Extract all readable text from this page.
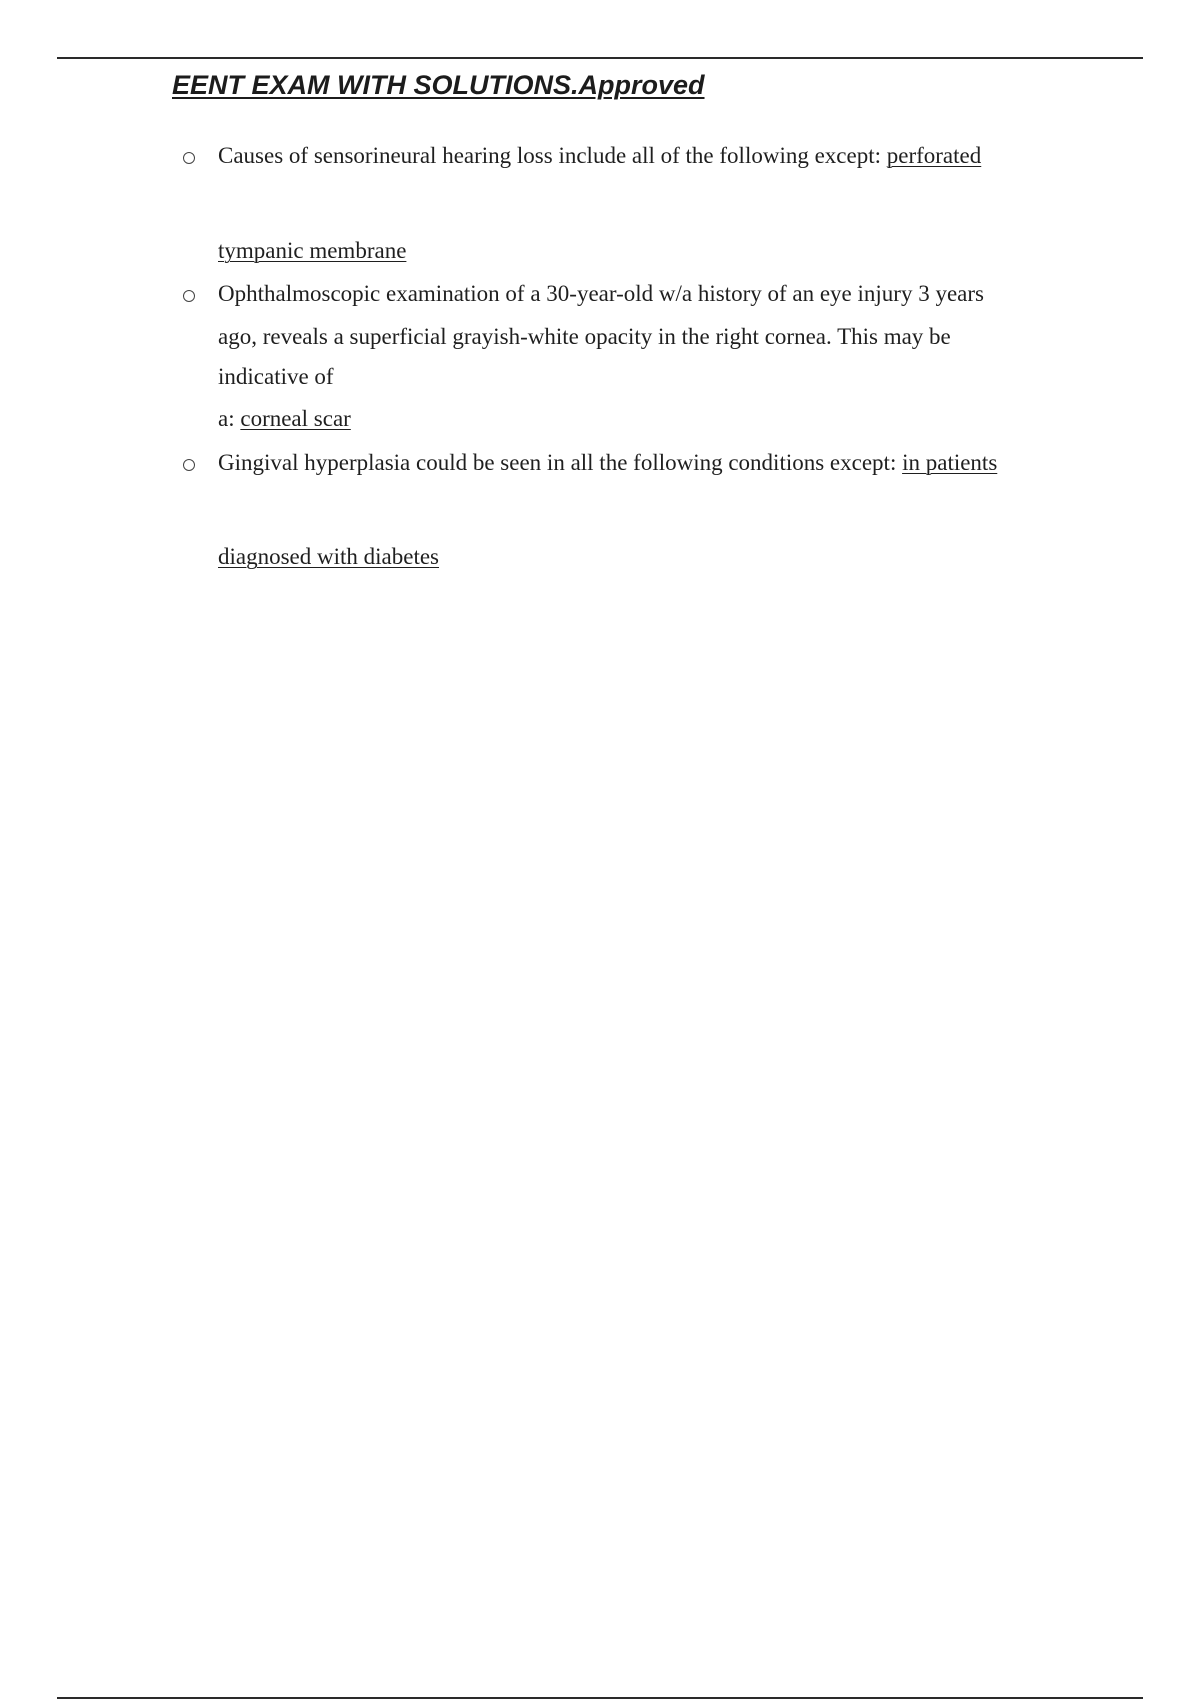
EENT EXAM WITH SOLUTIONS.Approved
Causes of sensorineural hearing loss include all of the following except: perforated
tympanic membrane
Ophthalmoscopic examination of a 30-year-old w/a history of an eye injury 3 years
ago, reveals a superficial grayish-white opacity in the right cornea. This may be
indicative of
a: corneal scar
Gingival hyperplasia could be seen in all the following conditions except: in patients
diagnosed with diabetes
